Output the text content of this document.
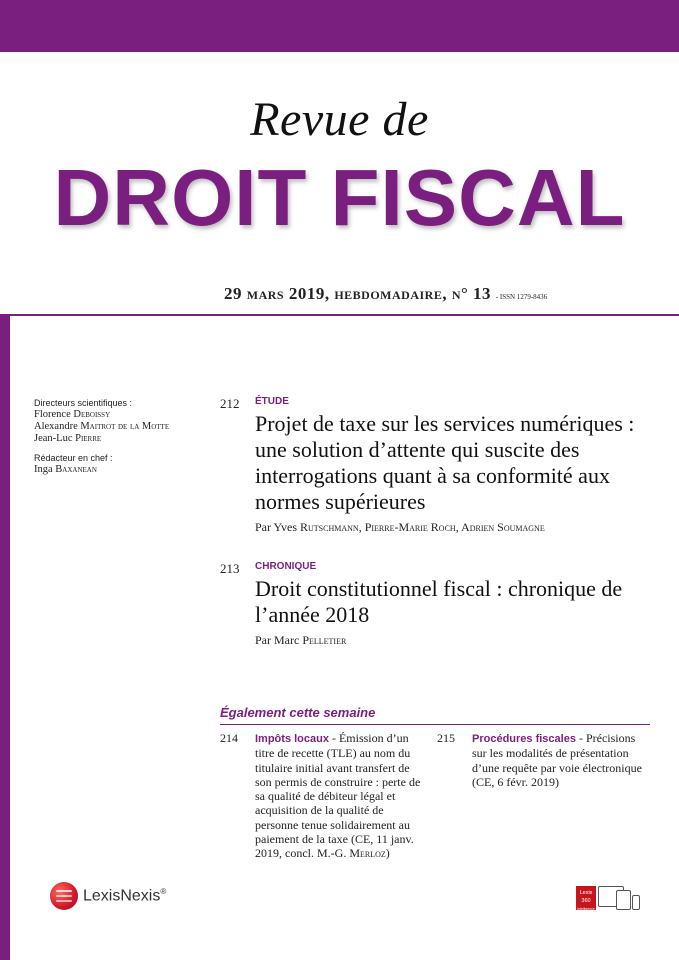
Revue de
DROIT FISCAL
29 mars 2019, hebdomadaire, n° 13 - ISSN 1279-8436
Directeurs scientifiques :
Florence Deboissy
Alexandre Maitrot de la Motte
Jean-Luc Pierre
Rédacteur en chef :
Inga Baxanean
212 ÉTUDE
Projet de taxe sur les services numériques : une solution d’attente qui suscite des interrogations quant à sa conformité aux normes supérieures
Par Yves Rutschmann, Pierre-Marie Roch, Adrien Soumagne
213 CHRONIQUE
Droit constitutionnel fiscal : chronique de l’année 2018
Par Marc Pelletier
Également cette semaine
214 Impôts locaux - Émission d’un titre de recette (TLE) au nom du titulaire initial avant transfert de son permis de construire : perte de sa qualité de débiteur légal et acquisition de la qualité de personne tenue solidairement au paiement de la taxe (CE, 11 janv. 2019, concl. M.-G. Merloz)
215 Procédures fiscales - Précisions sur les modalités de présentation d’une requête par voie électronique (CE, 6 févr. 2019)
LexisNexis®	Lexis
360
Intelligence
